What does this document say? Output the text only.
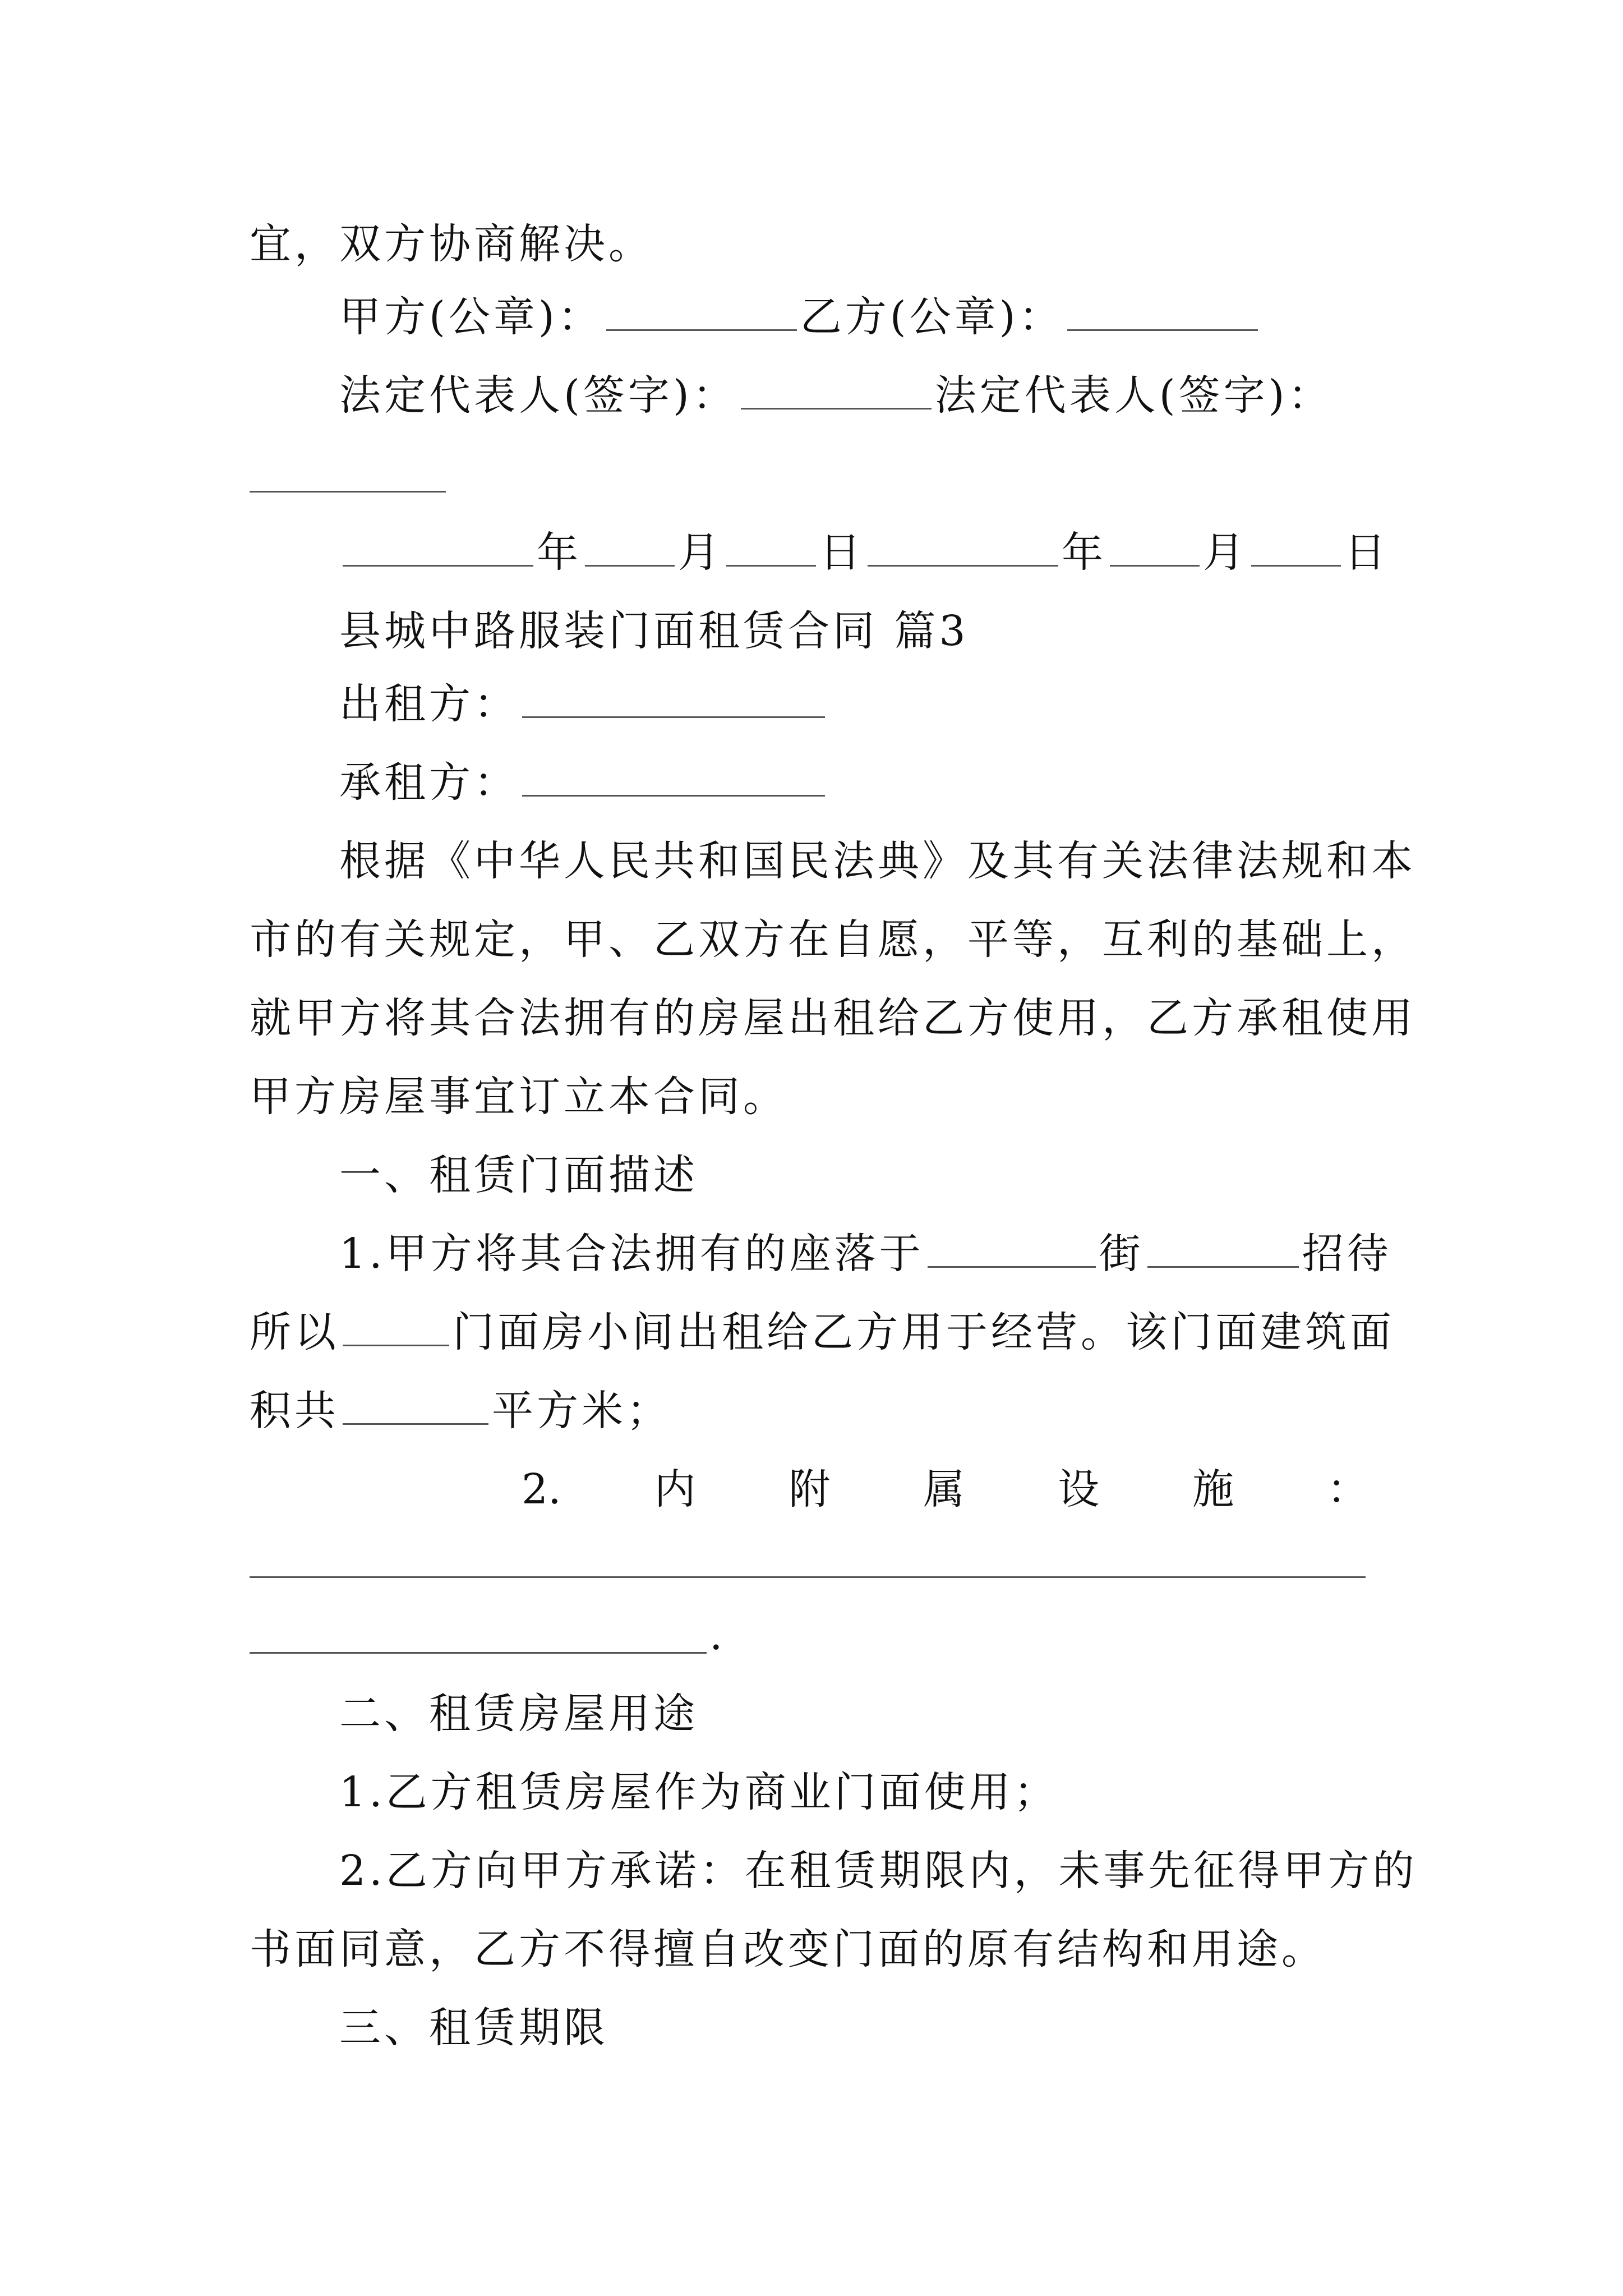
宜，双方协商解决。
甲方(公章)：	乙方(公章)：
法定代表人(签字)：	法定代表人(签字)：
年 月 日	年 月 日
县城中路服装门面租赁合同 篇3
出租方：
承租方：
根据《中华人民共和国民法典》及其有关法律法规和本
市的有关规定，甲、乙双方在自愿，平等，互利的基础上，
就甲方将其合法拥有的房屋出租给乙方使用，乙方承租使用
甲方房屋事宜订立本合同。
一、租赁门面描述
1.甲方将其合法拥有的座落于	街	招待
所以	门面房小间出租给乙方用于经营。该门面建筑面
积共	平方米；
2. 内 附 属 设 施 ：
.
二、租赁房屋用途
1.乙方租赁房屋作为商业门面使用；
2.乙方向甲方承诺：在租赁期限内，未事先征得甲方的
书面同意，乙方不得擅自改变门面的原有结构和用途。
三、租赁期限
